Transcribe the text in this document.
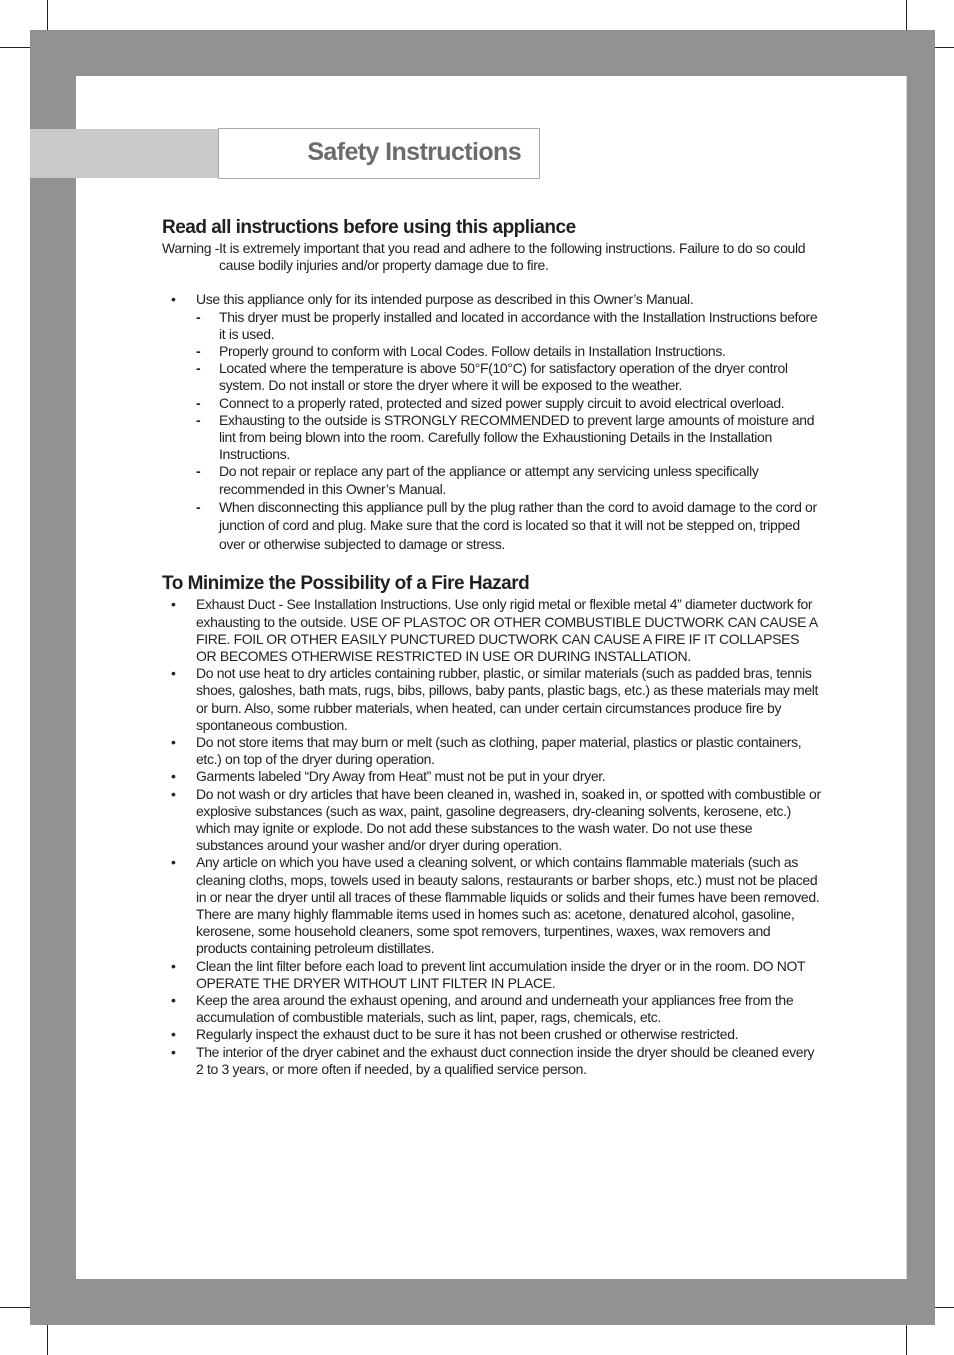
Safety Instructions
Read all instructions before using this appliance
Warning - It is extremely important that you read and adhere to the following instructions. Failure to do so could cause bodily injuries and/or property damage due to fire.
• Use this appliance only for its intended purpose as described in this Owner’s Manual.
- This dryer must be properly installed and located in accordance with the Installation Instructions before it is used.
- Properly ground to conform with Local Codes. Follow details in Installation Instructions.
- Located where the temperature is above 50°F(10°C) for satisfactory operation of the dryer control system. Do not install or store the dryer where it will be exposed to the weather.
- Connect to a properly rated, protected and sized power supply circuit to avoid electrical overload.
- Exhausting to the outside is STRONGLY RECOMMENDED to prevent large amounts of moisture and lint from being blown into the room. Carefully follow the Exhaustioning Details in the Installation Instructions.
- Do not repair or replace any part of the appliance or attempt any servicing unless specifically recommended in this Owner’s Manual.
- When disconnecting this appliance pull by the plug rather than the cord to avoid damage to the cord or junction of cord and plug. Make sure that the cord is located so that it will not be stepped on, tripped over or otherwise subjected to damage or stress.
To Minimize the Possibility of a Fire Hazard
• Exhaust Duct - See Installation Instructions. Use only rigid metal or flexible metal 4” diameter ductwork for exhausting to the outside. USE OF PLASTOC OR OTHER COMBUSTIBLE DUCTWORK CAN CAUSE A FIRE. FOIL OR OTHER EASILY PUNCTURED DUCTWORK CAN CAUSE A FIRE IF IT COLLAPSES OR BECOMES OTHERWISE RESTRICTED IN USE OR DURING INSTALLATION.
• Do not use heat to dry articles containing rubber, plastic, or similar materials (such as padded bras, tennis shoes, galoshes, bath mats, rugs, bibs, pillows, baby pants, plastic bags, etc.) as these materials may melt or burn. Also, some rubber materials, when heated, can under certain circumstances produce fire by spontaneous combustion.
• Do not store items that may burn or melt (such as clothing, paper material, plastics or plastic containers, etc.) on top of the dryer during operation.
• Garments labeled “Dry Away from Heat” must not be put in your dryer.
• Do not wash or dry articles that have been cleaned in, washed in, soaked in, or spotted with combustible or explosive substances (such as wax, paint, gasoline degreasers, dry-cleaning solvents, kerosene, etc.) which may ignite or explode. Do not add these substances to the wash water. Do not use these substances around your washer and/or dryer during operation.
• Any article on which you have used a cleaning solvent, or which contains flammable materials (such as cleaning cloths, mops, towels used in beauty salons, restaurants or barber shops, etc.) must not be placed in or near the dryer until all traces of these flammable liquids or solids and their fumes have been removed. There are many highly flammable items used in homes such as: acetone, denatured alcohol, gasoline, kerosene, some household cleaners, some spot removers, turpentines, waxes, wax removers and products containing petroleum distillates.
• Clean the lint filter before each load to prevent lint accumulation inside the dryer or in the room. DO NOT OPERATE THE DRYER WITHOUT LINT FILTER IN PLACE.
• Keep the area around the exhaust opening, and around and underneath your appliances free from the accumulation of combustible materials, such as lint, paper, rags, chemicals, etc.
• Regularly inspect the exhaust duct to be sure it has not been crushed or otherwise restricted.
• The interior of the dryer cabinet and the exhaust duct connection inside the dryer should be cleaned every 2 to 3 years, or more often if needed, by a qualified service person.
